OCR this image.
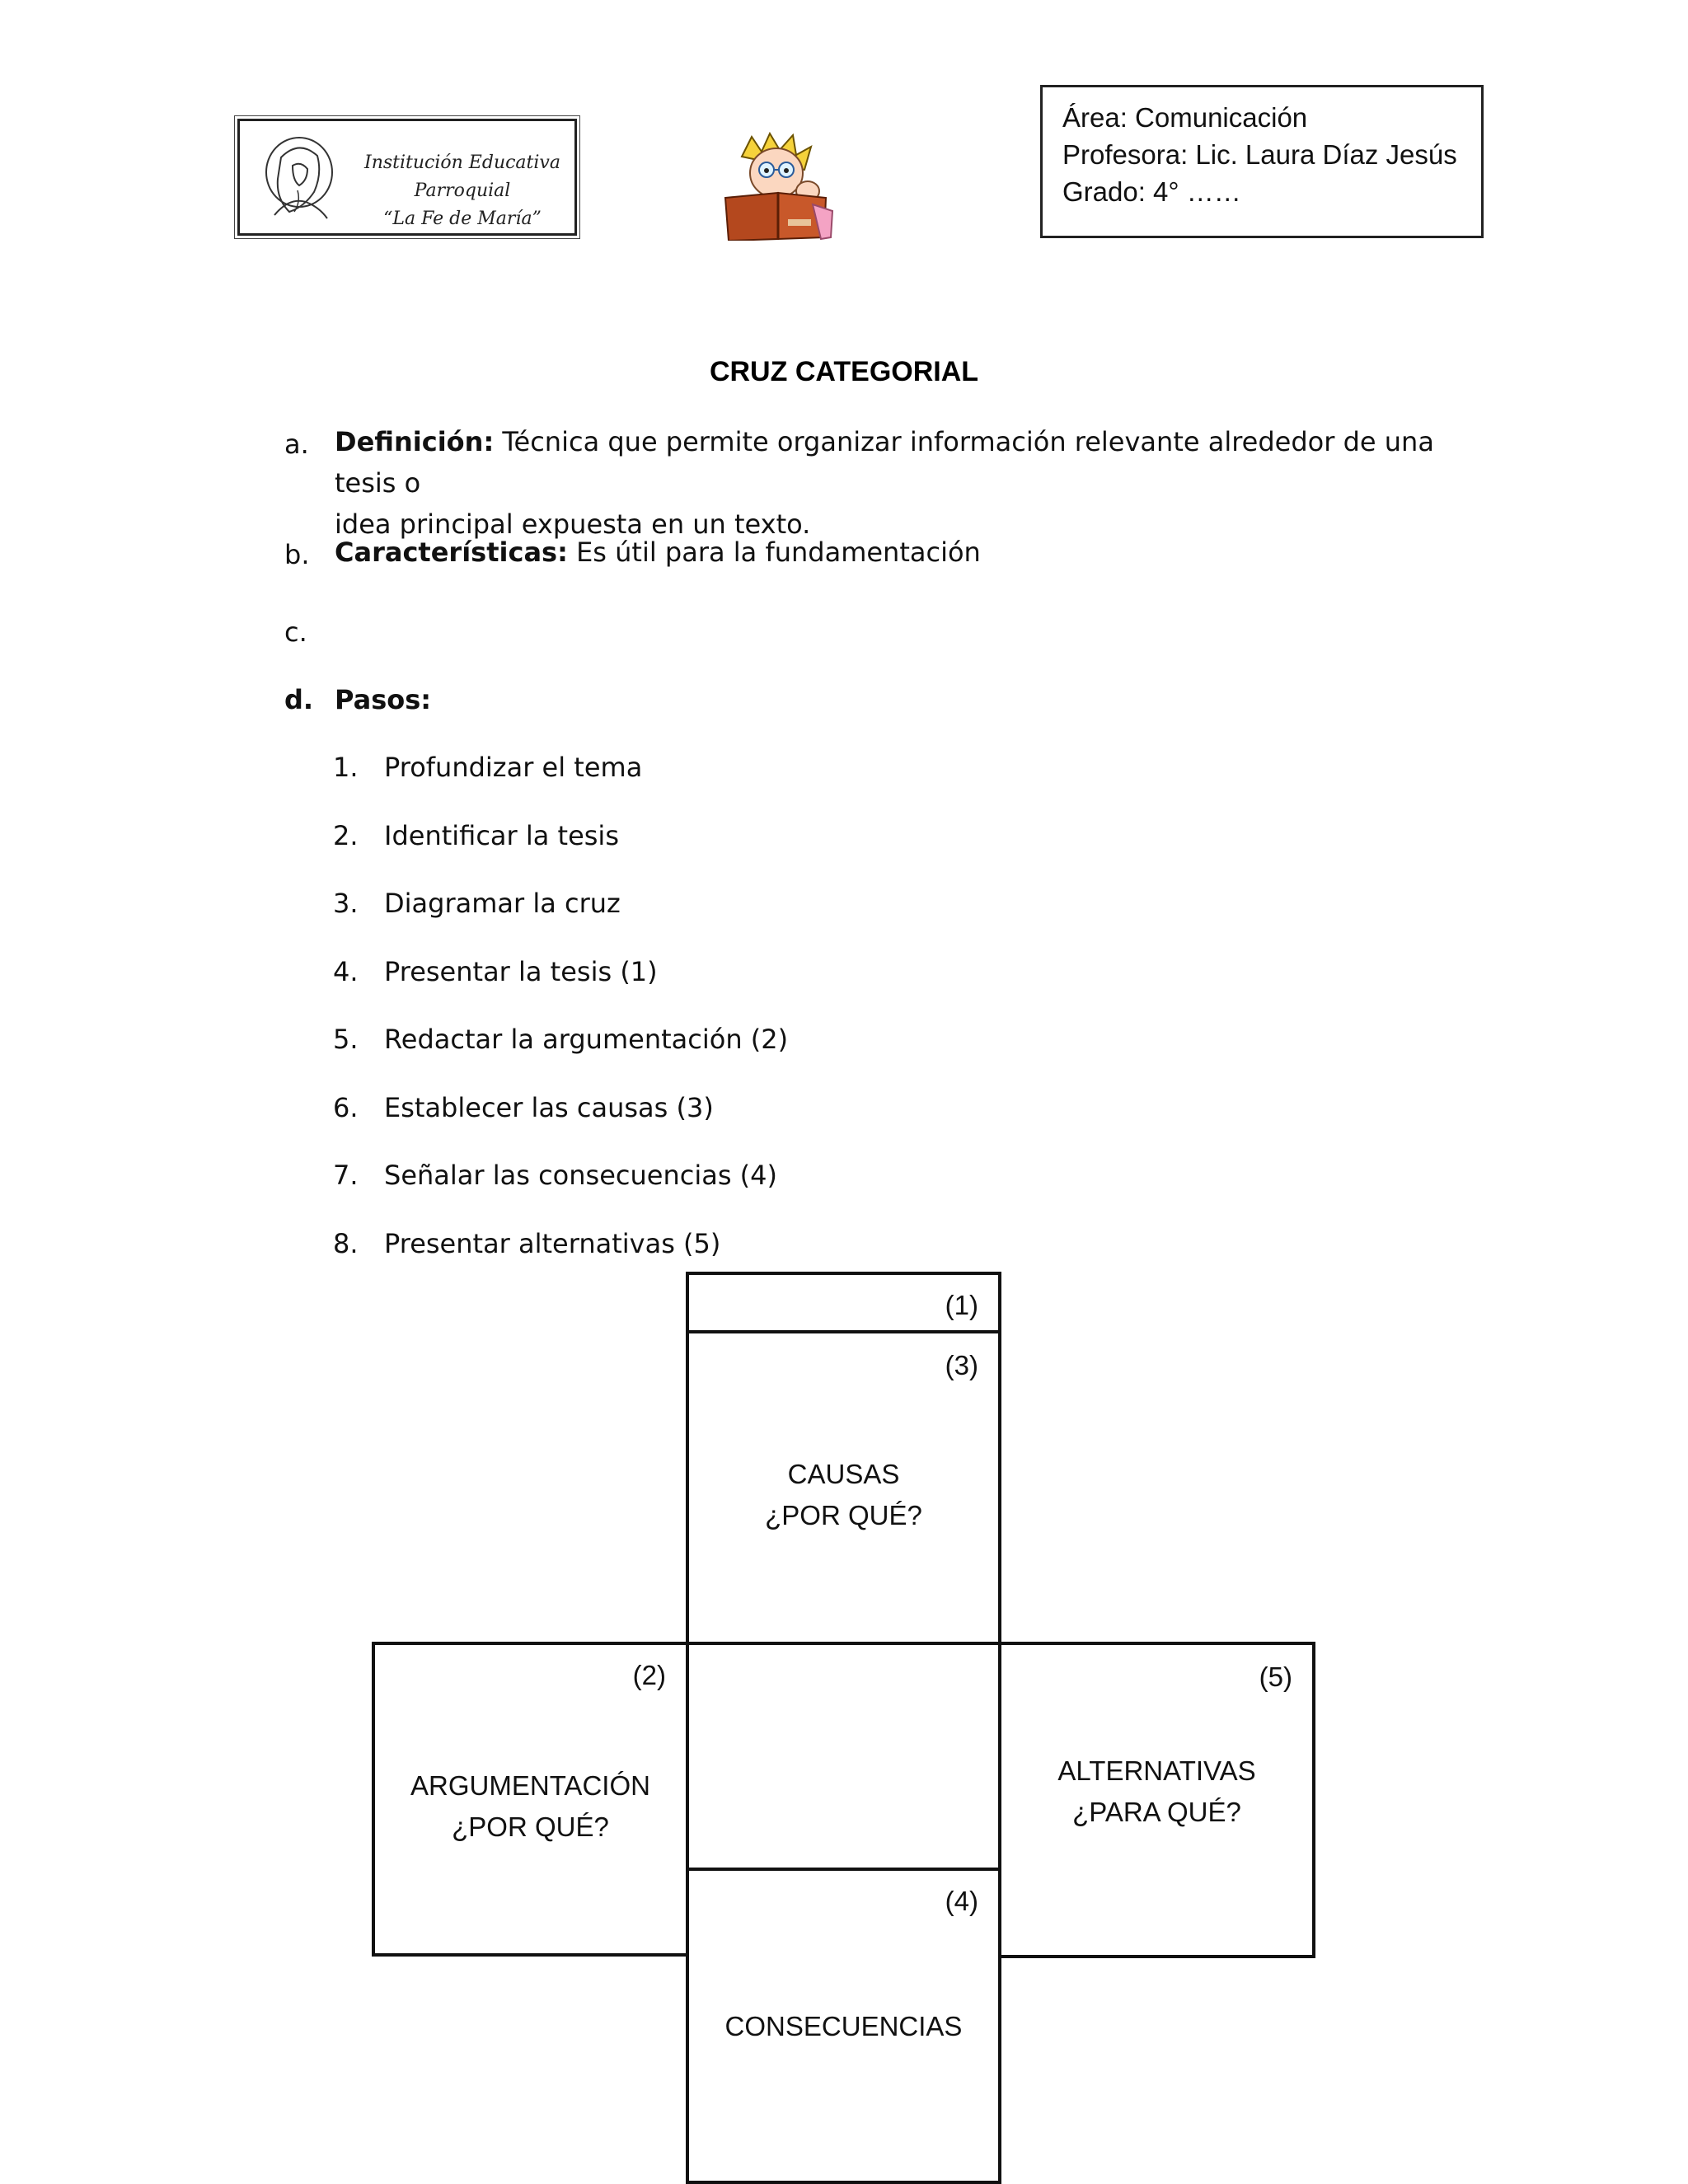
Institución Educativa Parroquial
“La Fe de María”
Área: Comunicación
Profesora: Lic. Laura Díaz Jesús
Grado: 4° ……
CRUZ CATEGORIAL
a. Definición: Técnica que permite organizar información relevante alrededor de una tesis o
idea principal expuesta en un texto.
b. Características: Es útil para la fundamentación
c.
d. Pasos:
1. Profundizar el tema
2. Identificar la tesis
3. Diagramar la cruz
4. Presentar la tesis (1)
5. Redactar la argumentación (2)
6. Establecer las causas (3)
7. Señalar las consecuencias (4)
8. Presentar alternativas (5)
(1)
(3)
CAUSAS
¿POR QUÉ?
(2)
ARGUMENTACIÓN
¿POR QUÉ?
(5)
ALTERNATIVAS
¿PARA QUÉ?
(4)
CONSECUENCIAS
